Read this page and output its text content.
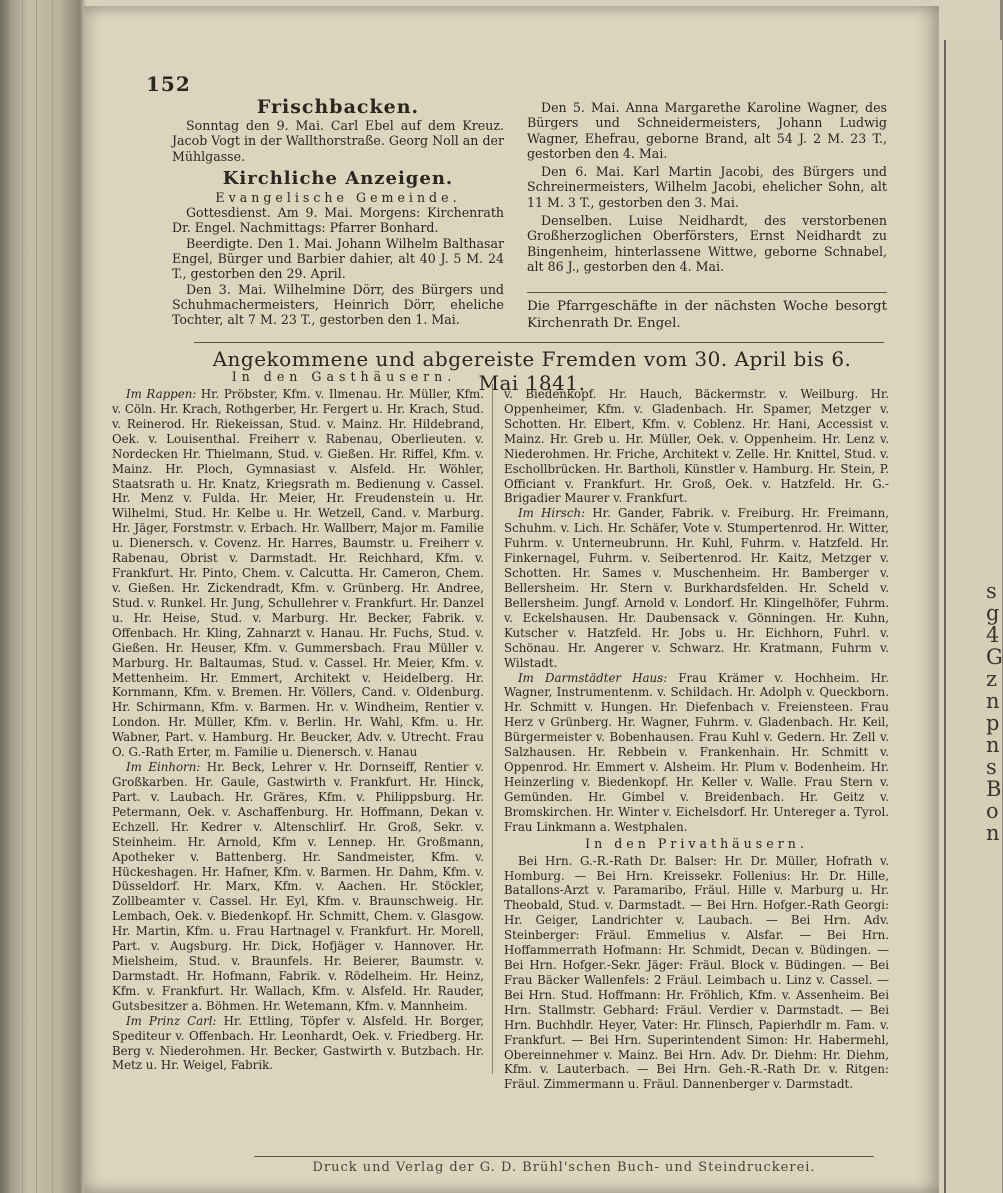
152
Frischbacken.

Sonntag den 9. Mai. Carl Ebel auf dem Kreuz. Jacob Vogt in der Wallthorstraße. Georg Noll an der Mühlgasse.

Kirchliche Anzeigen.
Evangelische Gemeinde.

Gottesdienst. Am 9. Mai. Morgens: Kirchenrath Dr. Engel. Nachmittags: Pfarrer Bonhard.

Beerdigte. Den 1. Mai. Johann Wilhelm Balthasar Engel, Bürger und Barbier dahier, alt 40 J. 5 M. 24 T., gestorben den 29. April.

Den 3. Mai. Wilhelmine Dörr, des Bürgers und Schuhmachermeisters, Heinrich Dörr, eheliche Tochter, alt 7 M. 23 T., gestorben den 1. Mai.

Den 5. Mai. Anna Margarethe Karoline Wagner, des Bürgers und Schneidermeisters, Johann Ludwig Wagner, Ehefrau, geborne Brand, alt 54 J. 2 M. 23 T., gestorben den 4. Mai.

Den 6. Mai. Karl Martin Jacobi, des Bürgers und Schreinermeisters, Wilhelm Jacobi, ehelicher Sohn, alt 11 M. 3 T., gestorben den 3. Mai.

Denselben. Luise Neidhardt, des verstorbenen Großherzoglichen Oberförsters, Ernst Neidhardt zu Bingenheim, hinterlassene Wittwe, geborne Schnabel, alt 86 J., gestorben den 4. Mai.

Die Pfarrgeschäfte in der nächsten Woche besorgt Kirchenrath Dr. Engel.
Angekommene und abgereiste Fremden vom 30. April bis 6. Mai 1841.
In den Gasthäusern.

Im Rappen: Hr. Pröbster, Kfm. v. Ilmenau. Hr. Müller, Kfm. v. Cöln. Hr. Krach, Rothgerber, Hr. Fergert u. Hr. Krach, Stud. v. Reinerod. Hr. Riekeissan, Stud. v. Mainz. Hr. Hildebrand, Oek. v. Louisenthal. Freiherr v. Rabenau, Oberlieuten. v. Nordecken Hr. Thielmann, Stud. v. Gießen. Hr. Riffel, Kfm. v. Mainz. Hr. Ploch, Gymnasiast v. Alsfeld. Hr. Wöhler, Staatsrath u. Hr. Knatz, Kriegsrath m. Bedienung v. Cassel. Hr. Menz v. Fulda. Hr. Meier, Hr. Freudenstein u. Hr. Wilhelmi, Stud. Hr. Kelbe u. Hr. Wetzell, Cand. v. Marburg. Hr. Jäger, Forstmstr. v. Erbach. Hr. Wallberr, Major m. Familie u. Dienersch. v. Covenz. Hr. Harres, Baumstr. u. Freiherr v. Rabenau, Obrist v. Darmstadt. Hr. Reichhard, Kfm. v. Frankfurt. Hr. Pinto, Chem. v. Calcutta. Hr. Cameron, Chem. v. Gießen. Hr. Zickendradt, Kfm. v. Grünberg. Hr. Andree, Stud. v. Runkel. Hr. Jung, Schullehrer v. Frankfurt. Hr. Danzel u. Hr. Heise, Stud. v. Marburg. Hr. Becker, Fabrik. v. Offenbach. Hr. Kling, Zahnarzt v. Hanau. Hr. Fuchs, Stud. v. Gießen. Hr. Heuser, Kfm. v. Gummersbach. Frau Müller v. Marburg. Hr. Baltaumas, Stud. v. Cassel. Hr. Meier, Kfm. v. Mettenheim. Hr. Emmert, Architekt v. Heidelberg. Hr. Kornmann, Kfm. v. Bremen. Hr. Völlers, Cand. v. Oldenburg. Hr. Schirmann, Kfm. v. Barmen. Hr. v. Windheim, Rentier v. London. Hr. Müller, Kfm. v. Berlin. Hr. Wahl, Kfm. u. Hr. Wabner, Part. v. Hamburg. Hr. Beucker, Adv. v. Utrecht. Frau O. G.-Rath Erter, m. Familie u. Dienersch. v. Hanau

Im Einhorn: Hr. Beck, Lehrer v. Hr. Dornseiff, Rentier v. Großkarben. Hr. Gaule, Gastwirth v. Frankfurt. Hr. Hinck, Part. v. Laubach. Hr. Gräres, Kfm. v. Philippsburg. Hr. Petermann, Oek. v. Aschaffenburg. Hr. Hoffmann, Dekan v. Echzell. Hr. Kedrer v. Altenschlirf. Hr. Groß, Sekr. v. Steinheim. Hr. Arnold, Kfm v. Lennep. Hr. Großmann, Apotheker v. Battenberg. Hr. Sandmeister, Kfm. v. Hückeshagen. Hr. Hafner, Kfm. v. Barmen. Hr. Dahm, Kfm. v. Düsseldorf. Hr. Marx, Kfm. v. Aachen. Hr. Stöckler, Zollbeamter v. Cassel. Hr. Eyl, Kfm. v. Braunschweig. Hr. Lembach, Oek. v. Biedenkopf. Hr. Schmitt, Chem. v. Glasgow. Hr. Martin, Kfm. u. Frau Hartnagel v. Frankfurt. Hr. Morell, Part. v. Augsburg. Hr. Dick, Hofjäger v. Hannover. Hr. Mielsheim, Stud. v. Braunfels. Hr. Beierer, Baumstr. v. Darmstadt. Hr. Hofmann, Fabrik. v. Rödelheim. Hr. Heinz, Kfm. v. Frankfurt. Hr. Wallach, Kfm. v. Alsfeld. Hr. Rauder, Gutsbesitzer a. Böhmen. Hr. Wetemann, Kfm. v. Mannheim.

Im Prinz Carl: Hr. Ettling, Töpfer v. Alsfeld. Hr. Borger, Spediteur v. Offenbach. Hr. Leonhardt, Oek. v. Friedberg. Hr. Berg v. Niederohmen. Hr. Becker, Gastwirth v. Butzbach. Hr. Metz u. Hr. Weigel, Fabrik.

v. Biedenkopf. Hr. Hauch, Bäckermstr. v. Weilburg. Hr. Oppenheimer, Kfm. v. Gladenbach. Hr. Spamer, Metzger v. Schotten. Hr. Elbert, Kfm. v. Coblenz. Hr. Hani, Accessist v. Mainz. Hr. Greb u. Hr. Müller, Oek. v. Oppenheim. Hr. Lenz v. Niederohmen. Hr. Friche, Architekt v. Zelle. Hr. Knittel, Stud. v. Eschollbrücken. Hr. Bartholi, Künstler v. Hamburg. Hr. Stein, P. Officiant v. Frankfurt. Hr. Groß, Oek. v. Hatzfeld. Hr. G.-Brigadier Maurer v. Frankfurt.

Im Hirsch: Hr. Gander, Fabrik. v. Freiburg. Hr. Freimann, Schuhm. v. Lich. Hr. Schäfer, Vote v. Stumpertenrod. Hr. Witter, Fuhrm. v. Unterneubrunn. Hr. Kuhl, Fuhrm. v. Hatzfeld. Hr. Finkernagel, Fuhrm. v. Seibertenrod. Hr. Kaitz, Metzger v. Schotten. Hr. Sames v. Muschenheim. Hr. Bamberger v. Bellersheim. Hr. Stern v. Burkhardsfelden. Hr. Scheld v. Bellersheim. Jungf. Arnold v. Londorf. Hr. Klingelhöfer, Fuhrm. v. Eckelshausen. Hr. Daubensack v. Gönningen. Hr. Kuhn, Kutscher v. Hatzfeld. Hr. Jobs u. Hr. Eichhorn, Fuhrl. v. Schönau. Hr. Angerer v. Schwarz. Hr. Kratmann, Fuhrm v. Wilstadt.

Im Darmstädter Haus: Frau Krämer v. Hochheim. Hr. Wagner, Instrumentenm. v. Schildach. Hr. Adolph v. Queckborn. Hr. Schmitt v. Hungen. Hr. Diefenbach v. Freiensteen. Frau Herz v Grünberg. Hr. Wagner, Fuhrm. v. Gladenbach. Hr. Keil, Bürgermeister v. Bobenhausen. Frau Kuhl v. Gedern. Hr. Zell v. Salzhausen. Hr. Rebbein v. Frankenhain. Hr. Schmitt v. Oppenrod. Hr. Emmert v. Alsheim. Hr. Plum v. Bodenheim. Hr. Heinzerling v. Biedenkopf. Hr. Keller v. Walle. Frau Stern v. Gemünden. Hr. Gimbel v. Breidenbach. Hr. Geitz v. Bromskirchen. Hr. Winter v. Eichelsdorf. Hr. Untereger a. Tyrol. Frau Linkmann a. Westphalen.

In den Privathäusern.

Bei Hrn. G.-R.-Rath Dr. Balser: Hr. Dr. Müller, Hofrath v. Homburg. — Bei Hrn. Kreissekr. Follenius: Hr. Dr. Hille, Batallons-Arzt v. Paramaribo, Fräul. Hille v. Marburg u. Hr. Theobald, Stud. v. Darmstadt. — Bei Hrn. Hofger.-Rath Georgi: Hr. Geiger, Landrichter v. Laubach. — Bei Hrn. Adv. Steinberger: Fräul. Emmelius v. Alsfar. — Bei Hrn. Hoffammerrath Hofmann: Hr. Schmidt, Decan v. Büdingen. — Bei Hrn. Hofger.-Sekr. Jäger: Fräul. Block v. Büdingen. — Bei Frau Bäcker Wallenfels: 2 Fräul. Leimbach u. Linz v. Cassel. — Bei Hrn. Stud. Hoffmann: Hr. Fröhlich, Kfm. v. Assenheim. Bei Hrn. Stallmstr. Gebhard: Fräul. Verdier v. Darmstadt. — Bei Hrn. Buchhdlr. Heyer, Vater: Hr. Flinsch, Papierhdlr m. Fam. v. Frankfurt. — Bei Hrn. Superintendent Simon: Hr. Habermehl, Obereinnehmer v. Mainz. Bei Hrn. Adv. Dr. Diehm: Hr. Diehm, Kfm. v. Lauterbach. — Bei Hrn. Geh.-R.-Rath Dr. v. Ritgen: Fräul. Zimmermann u. Fräul. Dannenberger v. Darmstadt.

Druck und Verlag der G. D. Brühl'schen Buch- und Steindruckerei.
s
g
4
G
z
n
p
n
s
B
o
n
